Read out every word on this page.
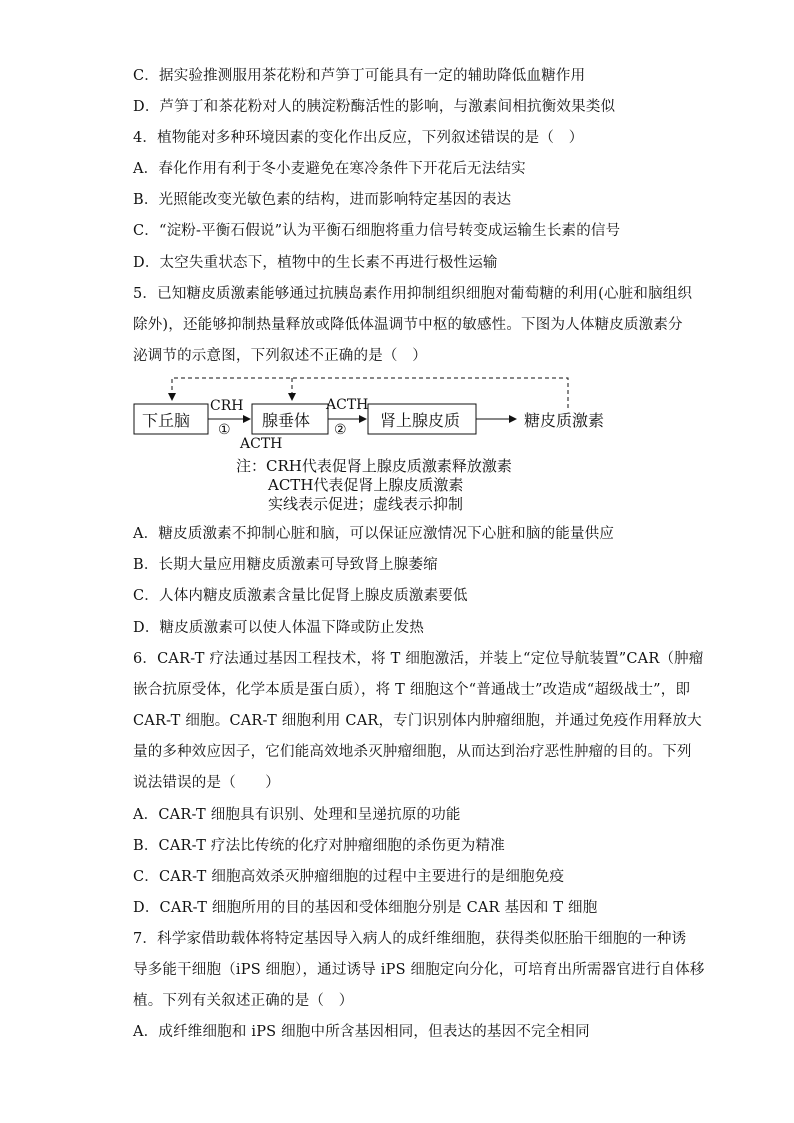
C．据实验推测服用茶花粉和芦笋丁可能具有一定的辅助降低血糖作用
D．芦笋丁和茶花粉对人的胰淀粉酶活性的影响，与激素间相抗衡效果类似
4．植物能对多种环境因素的变化作出反应，下列叙述错误的是（　）
A．春化作用有利于冬小麦避免在寒冷条件下开花后无法结实
B．光照能改变光敏色素的结构，进而影响特定基因的表达
C．“淀粉-平衡石假说”认为平衡石细胞将重力信号转变成运输生长素的信号
D．太空失重状态下，植物中的生长素不再进行极性运输
5．已知糖皮质激素能够通过抗胰岛素作用抑制组织细胞对葡萄糖的利用(心脏和脑组织
除外)，还能够抑制热量释放或降低体温调节中枢的敏感性。下图为人体糖皮质激素分
泌调节的示意图，下列叙述不正确的是（　）
下丘脑	腺垂体	肾上腺皮质	糖皮质激素
CRH
①
ACTH
②
ACTH
注：CRH代表促肾上腺皮质激素释放激素
ACTH代表促肾上腺皮质激素
实线表示促进；虚线表示抑制
A．糖皮质激素不抑制心脏和脑，可以保证应激情况下心脏和脑的能量供应
B．长期大量应用糖皮质激素可导致肾上腺萎缩
C．人体内糖皮质激素含量比促肾上腺皮质激素要低
D．糖皮质激素可以使人体温下降或防止发热
6．CAR-T 疗法通过基因工程技术，将 T 细胞激活，并装上“定位导航装置”CAR（肿瘤
嵌合抗原受体，化学本质是蛋白质），将 T 细胞这个“普通战士”改造成“超级战士”，即
CAR-T 细胞。CAR-T 细胞利用 CAR，专门识别体内肿瘤细胞，并通过免疫作用释放大
量的多种效应因子，它们能高效地杀灭肿瘤细胞，从而达到治疗恶性肿瘤的目的。下列
说法错误的是（　　）
A．CAR-T 细胞具有识别、处理和呈递抗原的功能
B．CAR-T 疗法比传统的化疗对肿瘤细胞的杀伤更为精准
C．CAR-T 细胞高效杀灭肿瘤细胞的过程中主要进行的是细胞免疫
D．CAR-T 细胞所用的目的基因和受体细胞分别是 CAR 基因和 T 细胞
7．科学家借助载体将特定基因导入病人的成纤维细胞，获得类似胚胎干细胞的一种诱
导多能干细胞（iPS 细胞），通过诱导 iPS 细胞定向分化，可培育出所需器官进行自体移
植。下列有关叙述正确的是（　）
A．成纤维细胞和 iPS 细胞中所含基因相同，但表达的基因不完全相同
